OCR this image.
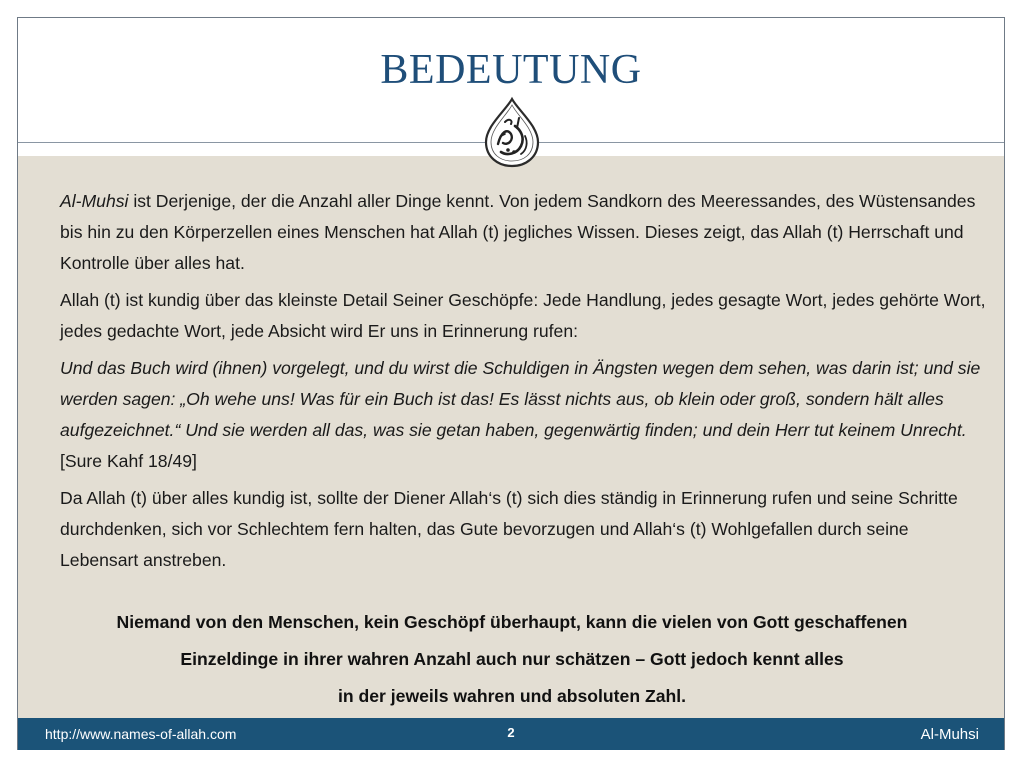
BEDEUTUNG

Al-Muhsi ist Derjenige, der die Anzahl aller Dinge kennt. Von jedem Sandkorn des Meeressandes, des Wüstensandes bis hin zu den Körperzellen eines Menschen hat Allah (t) jegliches Wissen. Dieses zeigt, das Allah (t) Herrschaft und Kontrolle über alles hat.

Allah (t) ist kundig über das kleinste Detail Seiner Geschöpfe: Jede Handlung, jedes gesagte Wort, jedes gehörte Wort, jedes gedachte Wort, jede Absicht wird Er uns in Erinnerung rufen:

Und das Buch wird (ihnen) vorgelegt, und du wirst die Schuldigen in Ängsten wegen dem sehen, was darin ist; und sie werden sagen: „Oh wehe uns! Was für ein Buch ist das! Es lässt nichts aus, ob klein oder groß, sondern hält alles aufgezeichnet.“ Und sie werden all das, was sie getan haben, gegenwärtig finden; und dein Herr tut keinem Unrecht. [Sure Kahf 18/49]

Da Allah (t) über alles kundig ist, sollte der Diener Allah‘s (t) sich dies ständig in Erinnerung rufen und seine Schritte durchdenken, sich vor Schlechtem fern halten, das Gute bevorzugen und Allah‘s (t) Wohlgefallen durch seine Lebensart anstreben.

Niemand von den Menschen, kein Geschöpf überhaupt, kann die vielen von Gott geschaffenen
Einzeldinge in ihrer wahren Anzahl auch nur schätzen – Gott jedoch kennt alles
in der jeweils wahren und absoluten Zahl.
http://www.names-of-allah.com	2	Al-Muhsi
